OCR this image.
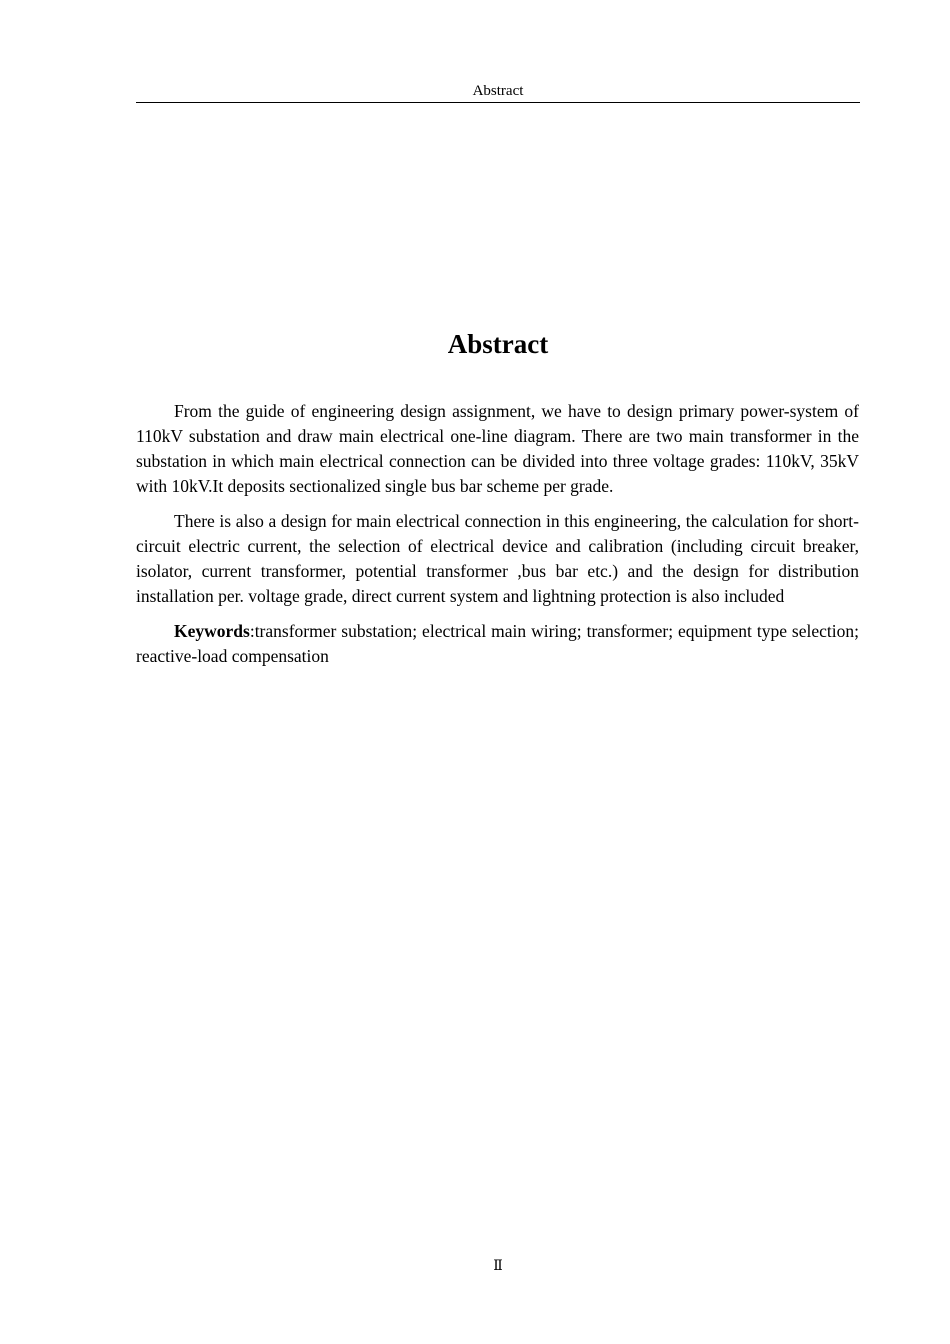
Abstract
Abstract

From the guide of engineering design assignment, we have to design primary power-system of 110kV substation and draw main electrical one-line diagram. There are two main transformer in the substation in which main electrical connection can be divided into three voltage grades: 110kV, 35kV with 10kV.It deposits sectionalized single bus bar scheme per grade.

There is also a design for main electrical connection in this engineering, the calculation for short-circuit electric current, the selection of electrical device and calibration (including circuit breaker, isolator, current transformer, potential transformer ,bus bar etc.) and the design for distribution installation per. voltage grade, direct current system and lightning protection is also included

Keywords:transformer substation; electrical main wiring; transformer; equipment type selection; reactive-load compensation

Ⅱ
